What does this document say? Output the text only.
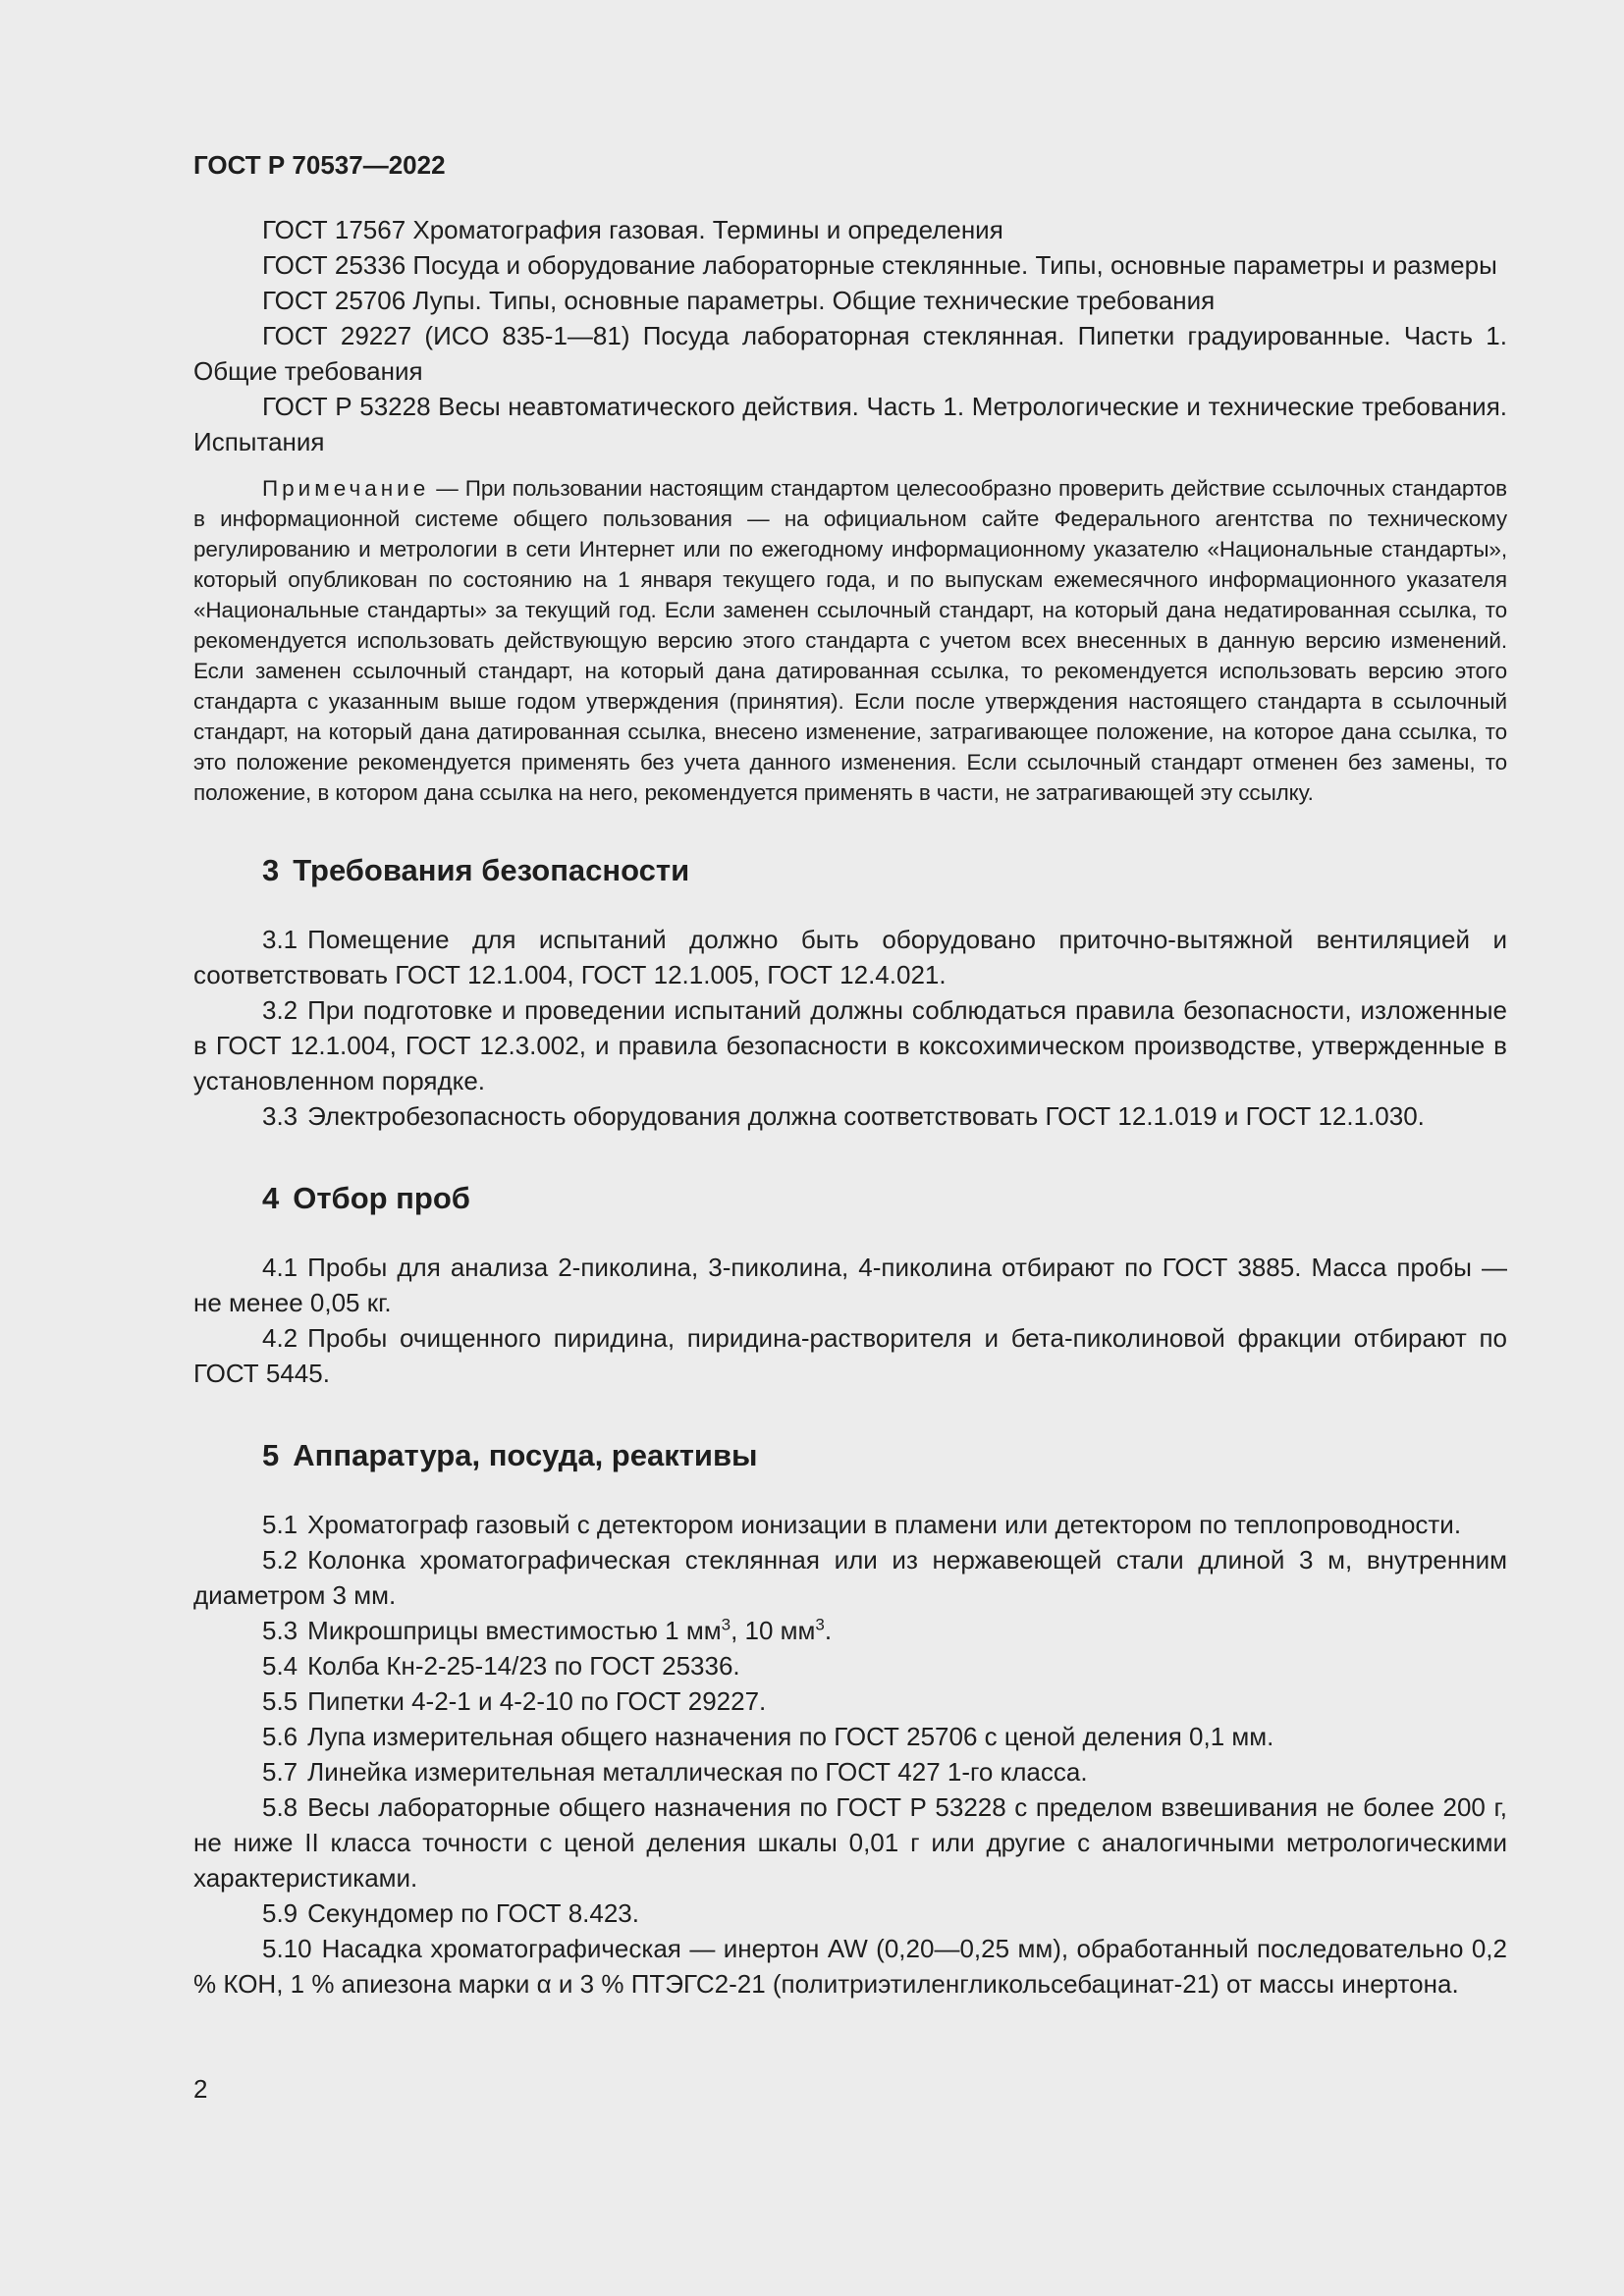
ГОСТ Р 70537—2022

ГОСТ 17567 Хроматография газовая. Термины и определения

ГОСТ 25336 Посуда и оборудование лабораторные стеклянные. Типы, основные параметры и размеры

ГОСТ 25706 Лупы. Типы, основные параметры. Общие технические требования

ГОСТ 29227 (ИСО 835-1—81) Посуда лабораторная стеклянная. Пипетки градуированные. Часть 1. Общие требования

ГОСТ Р 53228 Весы неавтоматического действия. Часть 1. Метрологические и технические требования. Испытания

Примечание — При пользовании настоящим стандартом целесообразно проверить действие ссылочных стандартов в информационной системе общего пользования — на официальном сайте Федерального агентства по техническому регулированию и метрологии в сети Интернет или по ежегодному информационному указателю «Национальные стандарты», который опубликован по состоянию на 1 января текущего года, и по выпускам ежемесячного информационного указателя «Национальные стандарты» за текущий год. Если заменен ссылочный стандарт, на который дана недатированная ссылка, то рекомендуется использовать действующую версию этого стандарта с учетом всех внесенных в данную версию изменений. Если заменен ссылочный стандарт, на который дана датированная ссылка, то рекомендуется использовать версию этого стандарта с указанным выше годом утверждения (принятия). Если после утверждения настоящего стандарта в ссылочный стандарт, на который дана датированная ссылка, внесено изменение, затрагивающее положение, на которое дана ссылка, то это положение рекомендуется применять без учета данного изменения. Если ссылочный стандарт отменен без замены, то положение, в котором дана ссылка на него, рекомендуется применять в части, не затрагивающей эту ссылку.

3 Требования безопасности

3.1 Помещение для испытаний должно быть оборудовано приточно-вытяжной вентиляцией и соответствовать ГОСТ 12.1.004, ГОСТ 12.1.005, ГОСТ 12.4.021.

3.2 При подготовке и проведении испытаний должны соблюдаться правила безопасности, изложенные в ГОСТ 12.1.004, ГОСТ 12.3.002, и правила безопасности в коксохимическом производстве, утвержденные в установленном порядке.

3.3 Электробезопасность оборудования должна соответствовать ГОСТ 12.1.019 и ГОСТ 12.1.030.

4 Отбор проб

4.1 Пробы для анализа 2-пиколина, 3-пиколина, 4-пиколина отбирают по ГОСТ 3885. Масса пробы — не менее 0,05 кг.

4.2 Пробы очищенного пиридина, пиридина-растворителя и бета-пиколиновой фракции отбирают по ГОСТ 5445.

5 Аппаратура, посуда, реактивы

5.1 Хроматограф газовый с детектором ионизации в пламени или детектором по теплопроводности.

5.2 Колонка хроматографическая стеклянная или из нержавеющей стали длиной 3 м, внутренним диаметром 3 мм.

5.3 Микрошприцы вместимостью 1 $мм^3$, 10 $мм^3$.

5.4 Колба Кн-2-25-14/23 по ГОСТ 25336.

5.5 Пипетки 4-2-1 и 4-2-10 по ГОСТ 29227.

5.6 Лупа измерительная общего назначения по ГОСТ 25706 с ценой деления 0,1 мм.

5.7 Линейка измерительная металлическая по ГОСТ 427 1-го класса.

5.8 Весы лабораторные общего назначения по ГОСТ Р 53228 с пределом взвешивания не более 200 г, не ниже II класса точности с ценой деления шкалы 0,01 г или другие с аналогичными метрологическими характеристиками.

5.9 Секундомер по ГОСТ 8.423.

5.10 Насадка хроматографическая — инертон AW (0,20—0,25 мм), обработанный последовательно 0,2 % КОН, 1 % апиезона марки α и 3 % ПТЭГС2-21 (политриэтиленгликольсебацинат-21) от массы инертона.

2
